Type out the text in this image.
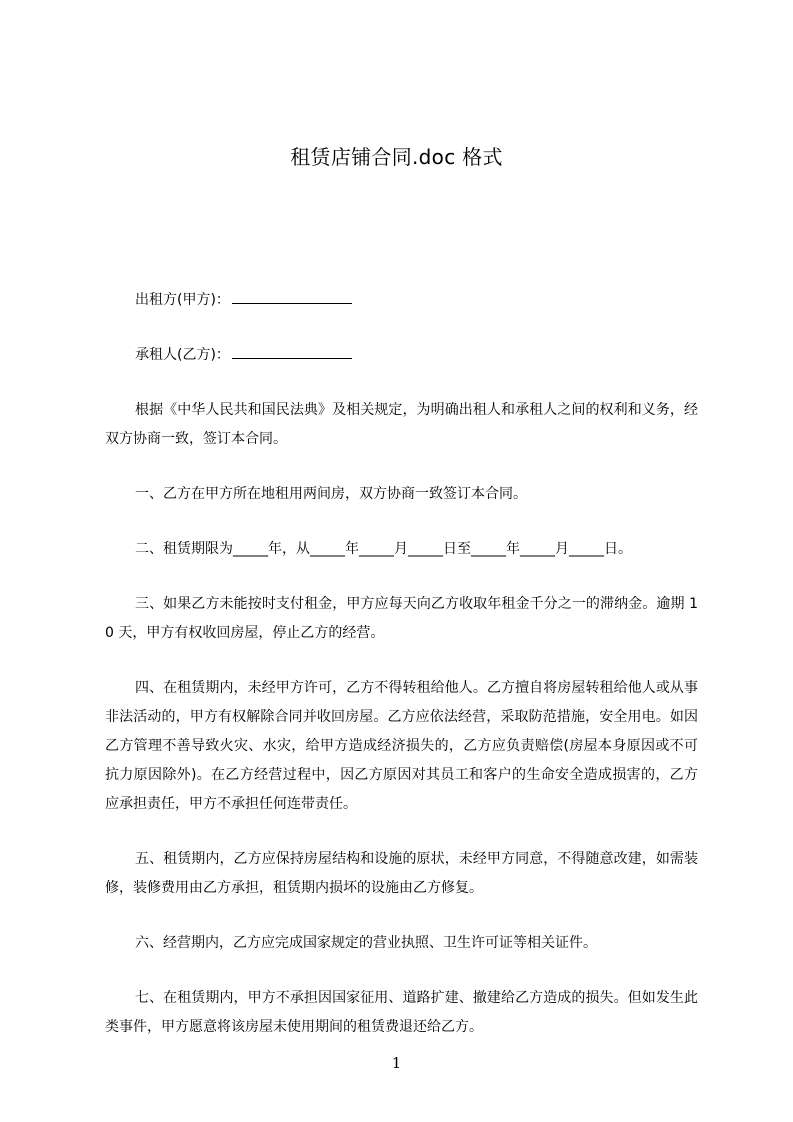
租赁店铺合同.doc 格式

出租方(甲方)：

承租人(乙方)：

根据《中华人民共和国民法典》及相关规定，为明确出租人和承租人之间的权利和义务，经双方协商一致，签订本合同。

一、乙方在甲方所在地租用两间房，双方协商一致签订本合同。

二、租赁期限为_____年，从_____年_____月_____日至_____年_____月_____日。

三、如果乙方未能按时支付租金，甲方应每天向乙方收取年租金千分之一的滞纳金。逾期 10 天，甲方有权收回房屋，停止乙方的经营。

四、在租赁期内，未经甲方许可，乙方不得转租给他人。乙方擅自将房屋转租给他人或从事非法活动的，甲方有权解除合同并收回房屋。乙方应依法经营，采取防范措施，安全用电。如因乙方管理不善导致火灾、水灾，给甲方造成经济损失的，乙方应负责赔偿(房屋本身原因或不可抗力原因除外)。在乙方经营过程中，因乙方原因对其员工和客户的生命安全造成损害的，乙方应承担责任，甲方不承担任何连带责任。

五、租赁期内，乙方应保持房屋结构和设施的原状，未经甲方同意，不得随意改建，如需装修，装修费用由乙方承担，租赁期内损坏的设施由乙方修复。

六、经营期内，乙方应完成国家规定的营业执照、卫生许可证等相关证件。

七、在租赁期内，甲方不承担因国家征用、道路扩建、撤建给乙方造成的损失。但如发生此类事件，甲方愿意将该房屋未使用期间的租赁费退还给乙方。

1
